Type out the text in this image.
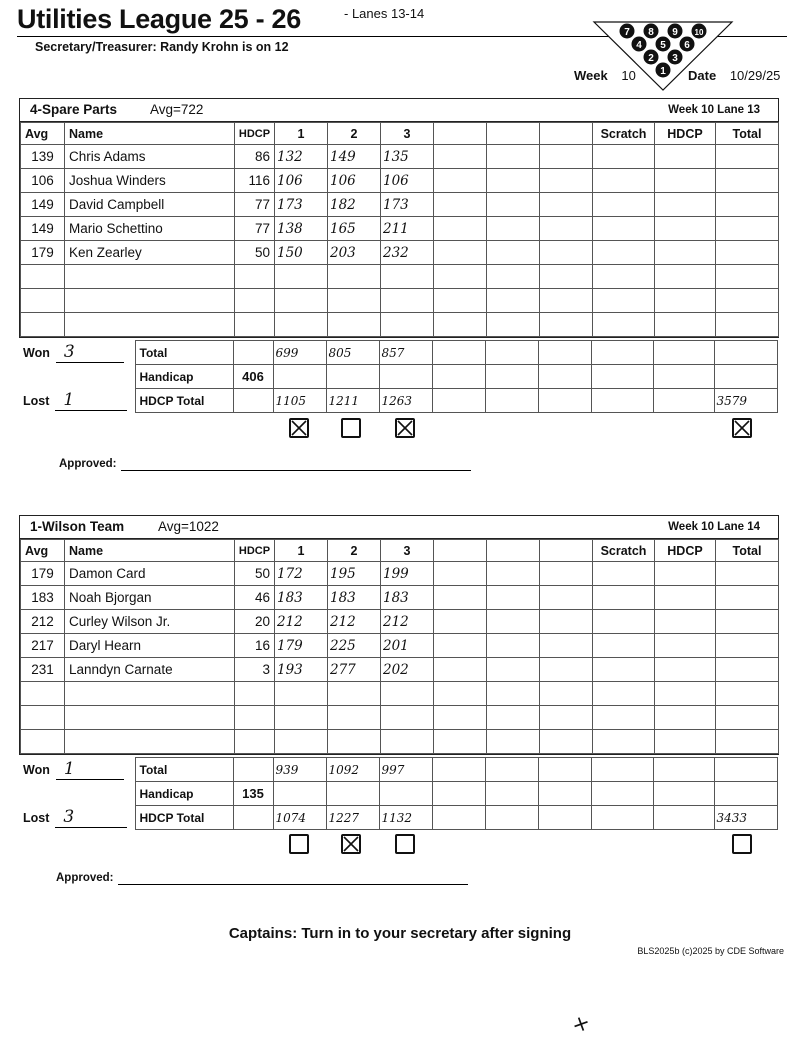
Utilities League 25 - 26	- Lanes 13-14
Secretary/Treasurer: Randy Krohn is on 12
7 8 9 10
4 5 6
2 3
1
Week 10	Date 10/29/25
4-Spare Parts Avg=722	Week 10 Lane 13
Avg	Name	HDCP	1	2	3				Scratch	HDCP	Total
139	Chris Adams	86	132	149	135						
106	Joshua Winders	116	106	106	106						
149	David Campbell	77	173	182	173						
149	Mario Schettino	77	138	165	211						
179	Ken Zearley	50	150	203	232						

Won 3	Total		699	805	857						
	Handicap	406									
Lost 1	HDCP Total		1105	1211	1263						3579
Approved:
1-Wilson Team	Avg=1022	Week 10 Lane 14
Avg	Name	HDCP	1	2	3				Scratch	HDCP	Total
179	Damon Card	50	172	195	199						
183	Noah Bjorgan	46	183	183	183						
212	Curley Wilson Jr.	20	212	212	212						
217	Daryl Hearn	16	179	225	201						
231	Lanndyn Carnate	3	193	277	202						

Won 1	Total		939	1092	997						
	Handicap	135									
Lost 3	HDCP Total		1074	1227	1132						3433
Approved:
Captains: Turn in to your secretary after signing
BLS2025b (c)2025 by CDE Software
+
